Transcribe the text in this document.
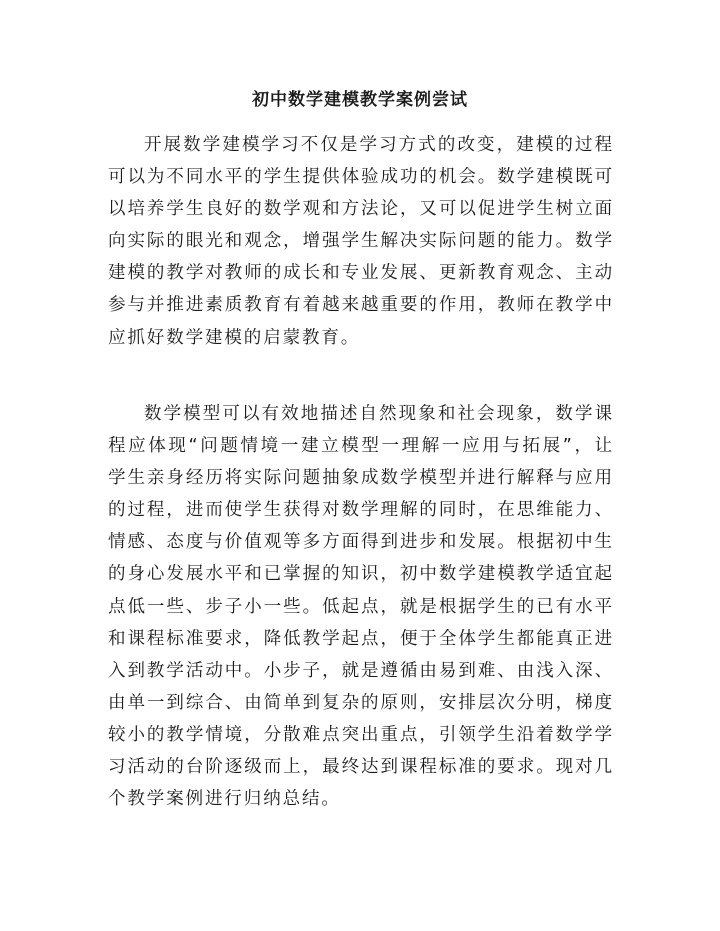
初中数学建模教学案例尝试

开展数学建模学习不仅是学习方式的改变，建模的过程可以为不同水平的学生提供体验成功的机会。数学建模既可以培养学生良好的数学观和方法论，又可以促进学生树立面向实际的眼光和观念，增强学生解决实际问题的能力。数学建模的教学对教师的成长和专业发展、更新教育观念、主动参与并推进素质教育有着越来越重要的作用，教师在教学中应抓好数学建模的启蒙教育。

数学模型可以有效地描述自然现象和社会现象，数学课程应体现“问题情境一建立模型一理解一应用与拓展”，让学生亲身经历将实际问题抽象成数学模型并进行解释与应用的过程，进而使学生获得对数学理解的同时，在思维能力、情感、态度与价值观等多方面得到进步和发展。根据初中生的身心发展水平和已掌握的知识，初中数学建模教学适宜起点低一些、步子小一些。低起点，就是根据学生的已有水平和课程标准要求，降低教学起点，便于全体学生都能真正进入到教学活动中。小步子，就是遵循由易到难、由浅入深、由单一到综合、由简单到复杂的原则，安排层次分明，梯度较小的教学情境，分散难点突出重点，引领学生沿着数学学习活动的台阶逐级而上，最终达到课程标准的要求。现对几个教学案例进行归纳总结。
